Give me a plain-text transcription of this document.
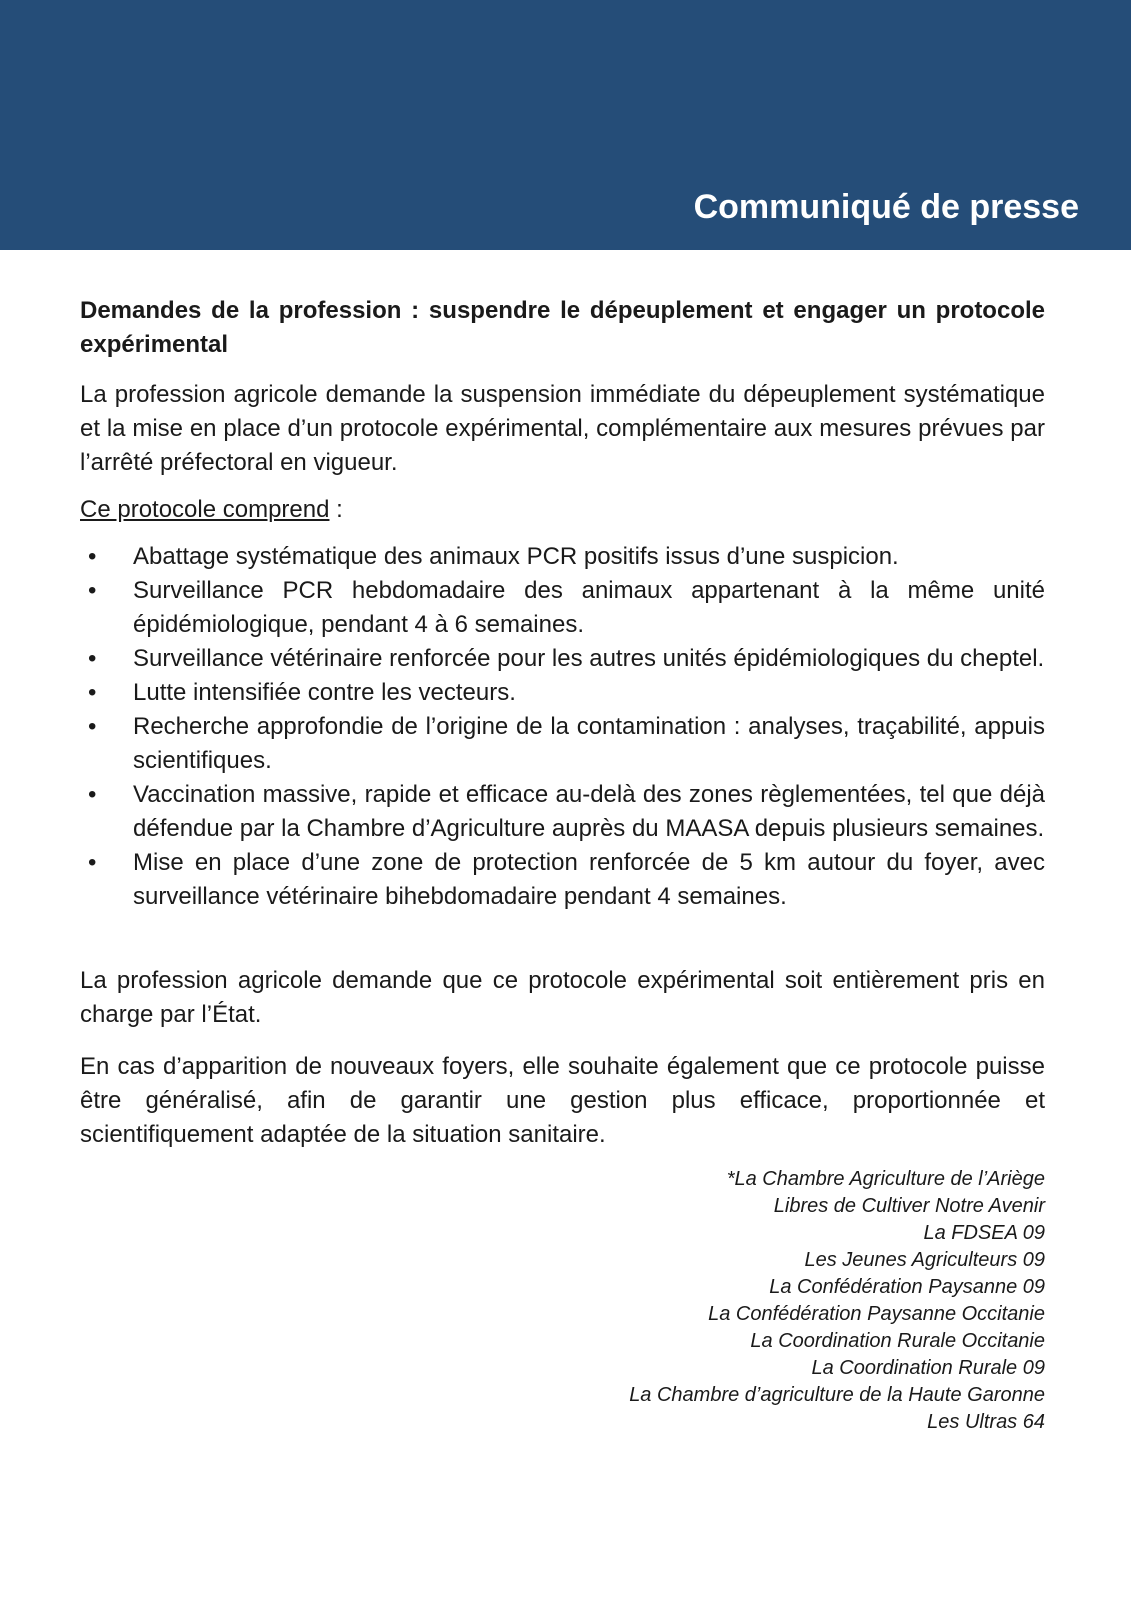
Communiqué de presse
Demandes de la profession : suspendre le dépeuplement et engager un protocole expérimental

La profession agricole demande la suspension immédiate du dépeuplement systématique et la mise en place d’un protocole expérimental, complémentaire aux mesures prévues par l’arrêté préfectoral en vigueur.

Ce protocole comprend :

• Abattage systématique des animaux PCR positifs issus d’une suspicion.
• Surveillance PCR hebdomadaire des animaux appartenant à la même unité épidémiologique, pendant 4 à 6 semaines.
• Surveillance vétérinaire renforcée pour les autres unités épidémiologiques du cheptel.
• Lutte intensifiée contre les vecteurs.
• Recherche approfondie de l’origine de la contamination : analyses, traçabilité, appuis scientifiques.
• Vaccination massive, rapide et efficace au-delà des zones règlementées, tel que déjà défendue par la Chambre d’Agriculture auprès du MAASA depuis plusieurs semaines.
• Mise en place d’une zone de protection renforcée de 5 km autour du foyer, avec surveillance vétérinaire bihebdomadaire pendant 4 semaines.

La profession agricole demande que ce protocole expérimental soit entièrement pris en charge par l’État.

En cas d’apparition de nouveaux foyers, elle souhaite également que ce protocole puisse être généralisé, afin de garantir une gestion plus efficace, proportionnée et scientifiquement adaptée de la situation sanitaire.

*La Chambre Agriculture de l’Ariège

Libres de Cultiver Notre Avenir

La FDSEA 09

Les Jeunes Agriculteurs 09

La Confédération Paysanne 09

La Confédération Paysanne Occitanie

La Coordination Rurale Occitanie

La Coordination Rurale 09

La Chambre d’agriculture de la Haute Garonne

Les Ultras 64
